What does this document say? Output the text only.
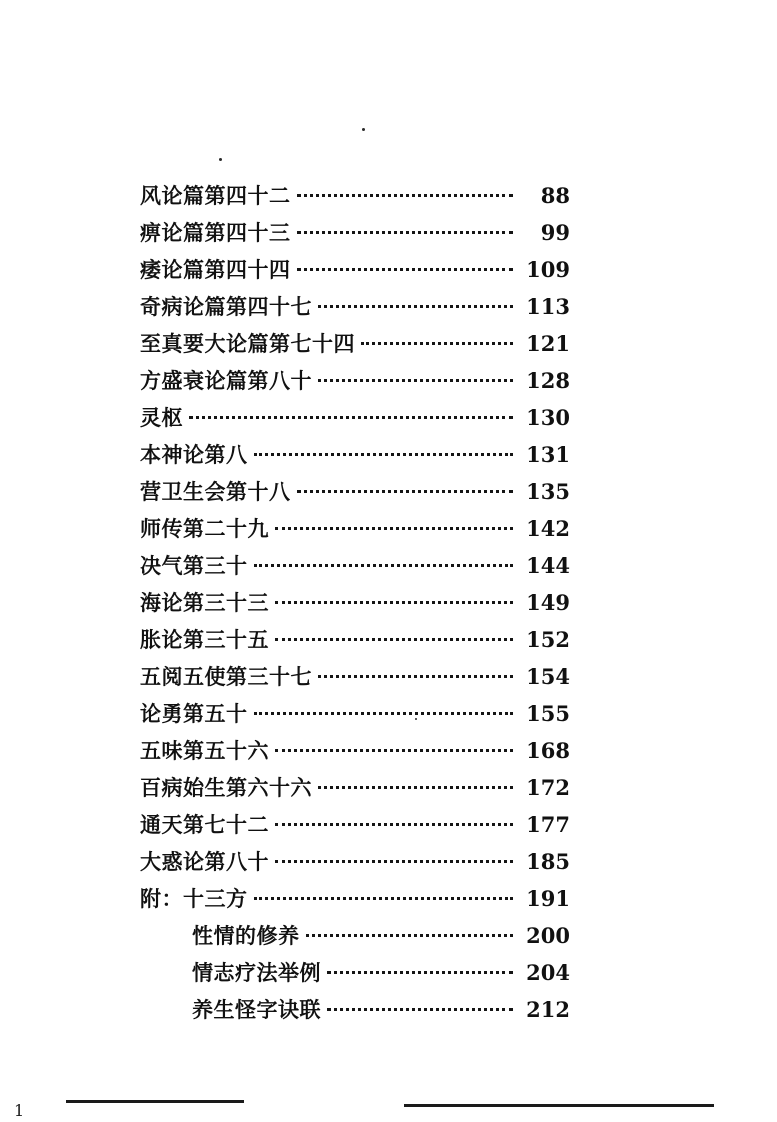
风论篇第四十二	88
痹论篇第四十三	99
痿论篇第四十四	109
奇病论篇第四十七	113
至真要大论篇第七十四	121
方盛衰论篇第八十	128
灵枢	130
本神论第八	131
营卫生会第十八	135
师传第二十九	142
决气第三十	144
海论第三十三	149
胀论第三十五	152
五阅五使第三十七	154
论勇第五十	155
五味第五十六	168
百病始生第六十六	172
通天第七十二	177
大惑论第八十	185
附：十三方	191
性情的修养	200
情志疗法举例	204
养生怪字诀联	212
1
